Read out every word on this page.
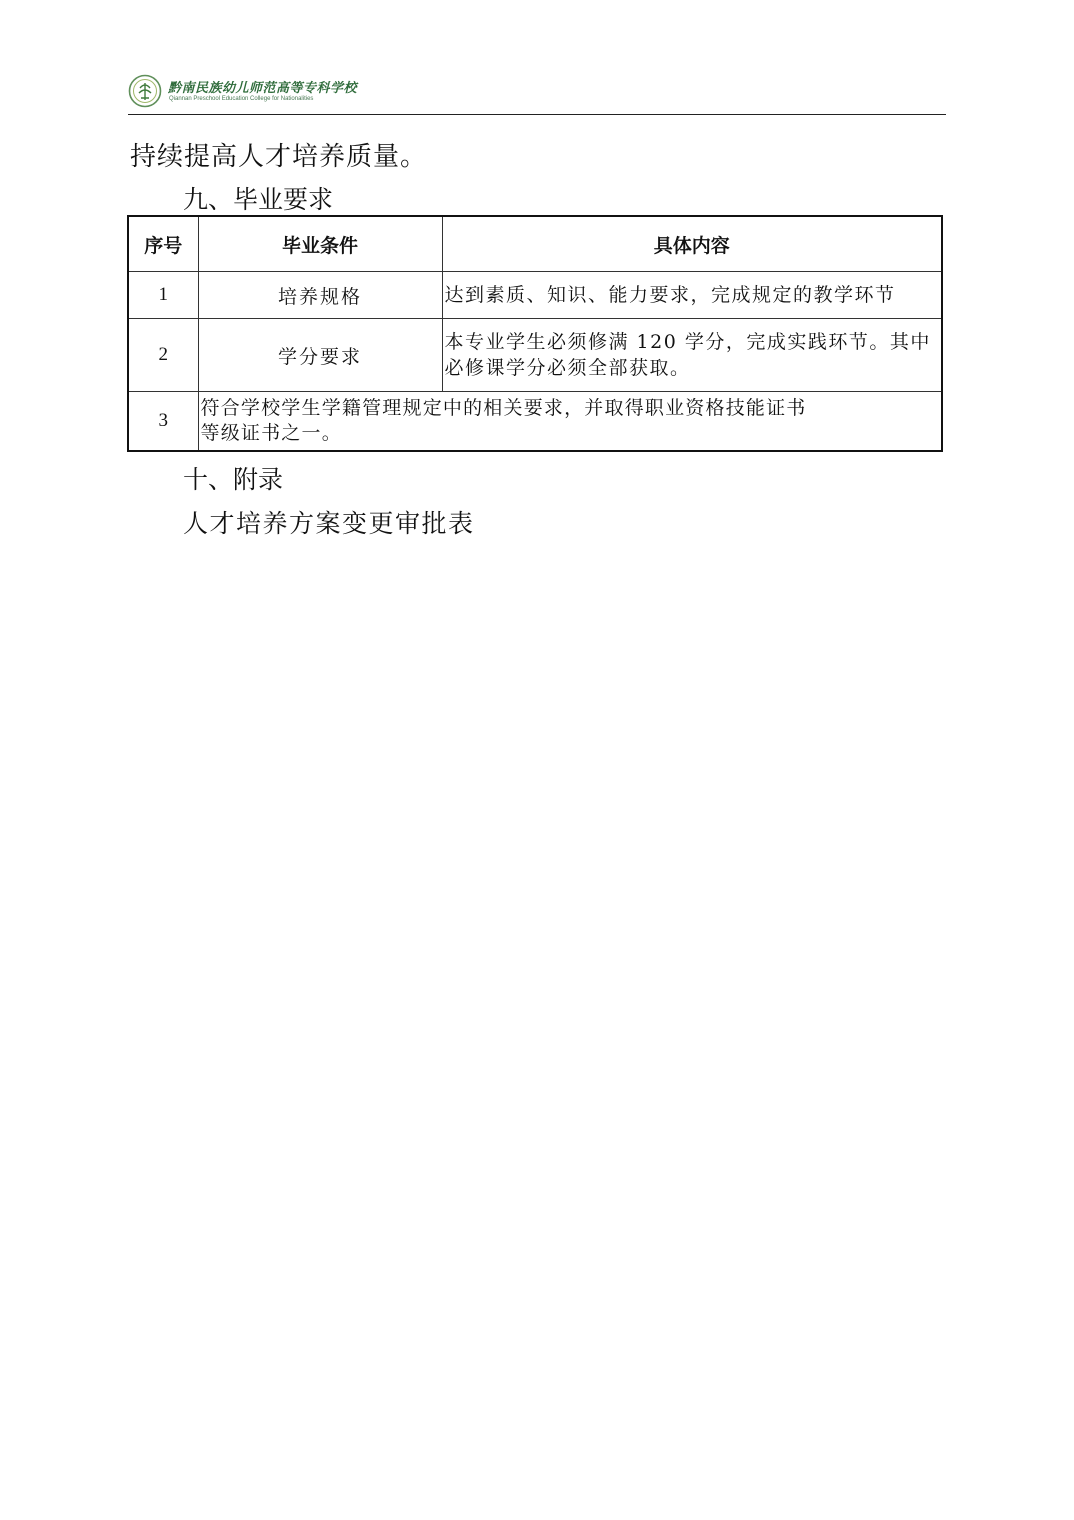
黔南民族幼儿师范高等专科学校
Qiannan Preschool Education College for Nationalities
持续提高人才培养质量。
九、毕业要求
序号	毕业条件	具体内容
1	培养规格	达到素质、知识、能力要求，完成规定的教学环节
2	学分要求	本专业学生必须修满 120 学分，完成实践环节。其中
必修课学分必须全部获取。

3	符合学校学生学籍管理规定中的相关要求，并取得职业资格技能证书
等级证书之一。	
十、附录
人才培养方案变更审批表
